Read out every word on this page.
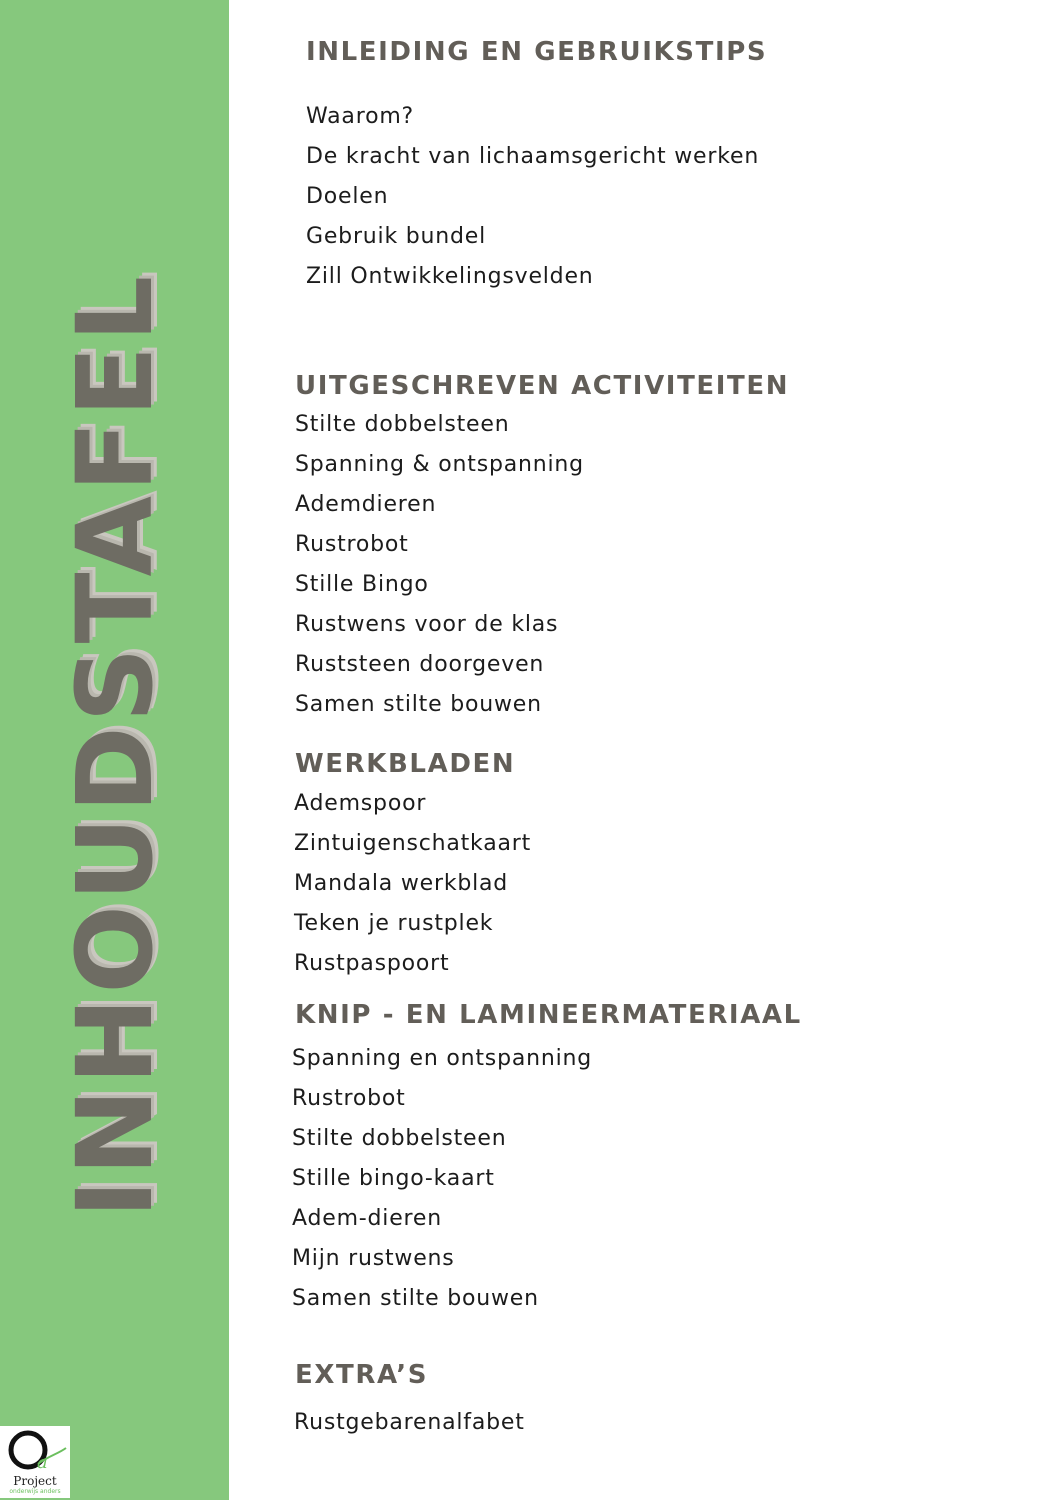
INHOUDSTAFEL
a
Project
onderwijs anders
INLEIDING EN GEBRUIKSTIPS
Waarom?
De kracht van lichaamsgericht werken
Doelen
Gebruik bundel
Zill Ontwikkelingsvelden
UITGESCHREVEN ACTIVITEITEN
Stilte dobbelsteen
Spanning & ontspanning
Ademdieren
Rustrobot
Stille Bingo
Rustwens voor de klas
Ruststeen doorgeven
Samen stilte bouwen
WERKBLADEN
Ademspoor
Zintuigenschatkaart
Mandala werkblad
Teken je rustplek
Rustpaspoort
KNIP - EN LAMINEERMATERIAAL
Spanning en ontspanning
Rustrobot
Stilte dobbelsteen
Stille bingo-kaart
Adem-dieren
Mijn rustwens
Samen stilte bouwen
EXTRA’S
Rustgebarenalfabet
